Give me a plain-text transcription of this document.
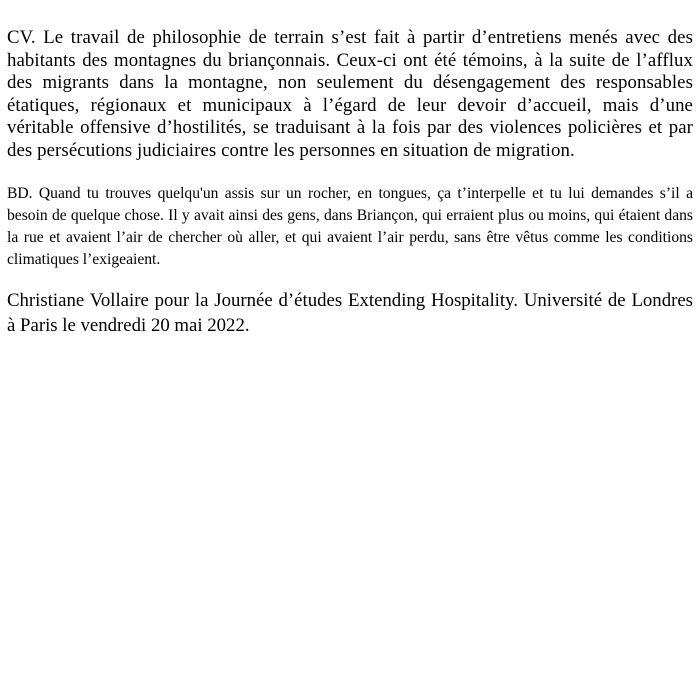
CV. Le travail de philosophie de terrain s’est fait à partir d’entretiens menés avec des habitants des montagnes du briançonnais. Ceux-ci ont été témoins, à la suite de l’afflux des migrants dans la montagne, non seulement du désengagement des responsables étatiques, régionaux et municipaux à l’égard de leur devoir d’accueil, mais d’une véritable offensive d’hostilités, se traduisant à la fois par des violences policières et par des persécutions judiciaires contre les personnes en situation de migration.

BD. Quand tu trouves quelqu'un assis sur un rocher, en tongues, ça t’interpelle et tu lui demandes s’il a besoin de quelque chose. Il y avait ainsi des gens, dans Briançon, qui erraient plus ou moins, qui étaient dans la rue et avaient l’air de chercher où aller, et qui avaient l’air perdu, sans être vêtus comme les conditions climatiques l’exigeaient.

Christiane Vollaire pour la Journée d’études Extending Hospitality. Université de Londres à Paris le vendredi 20 mai 2022.
